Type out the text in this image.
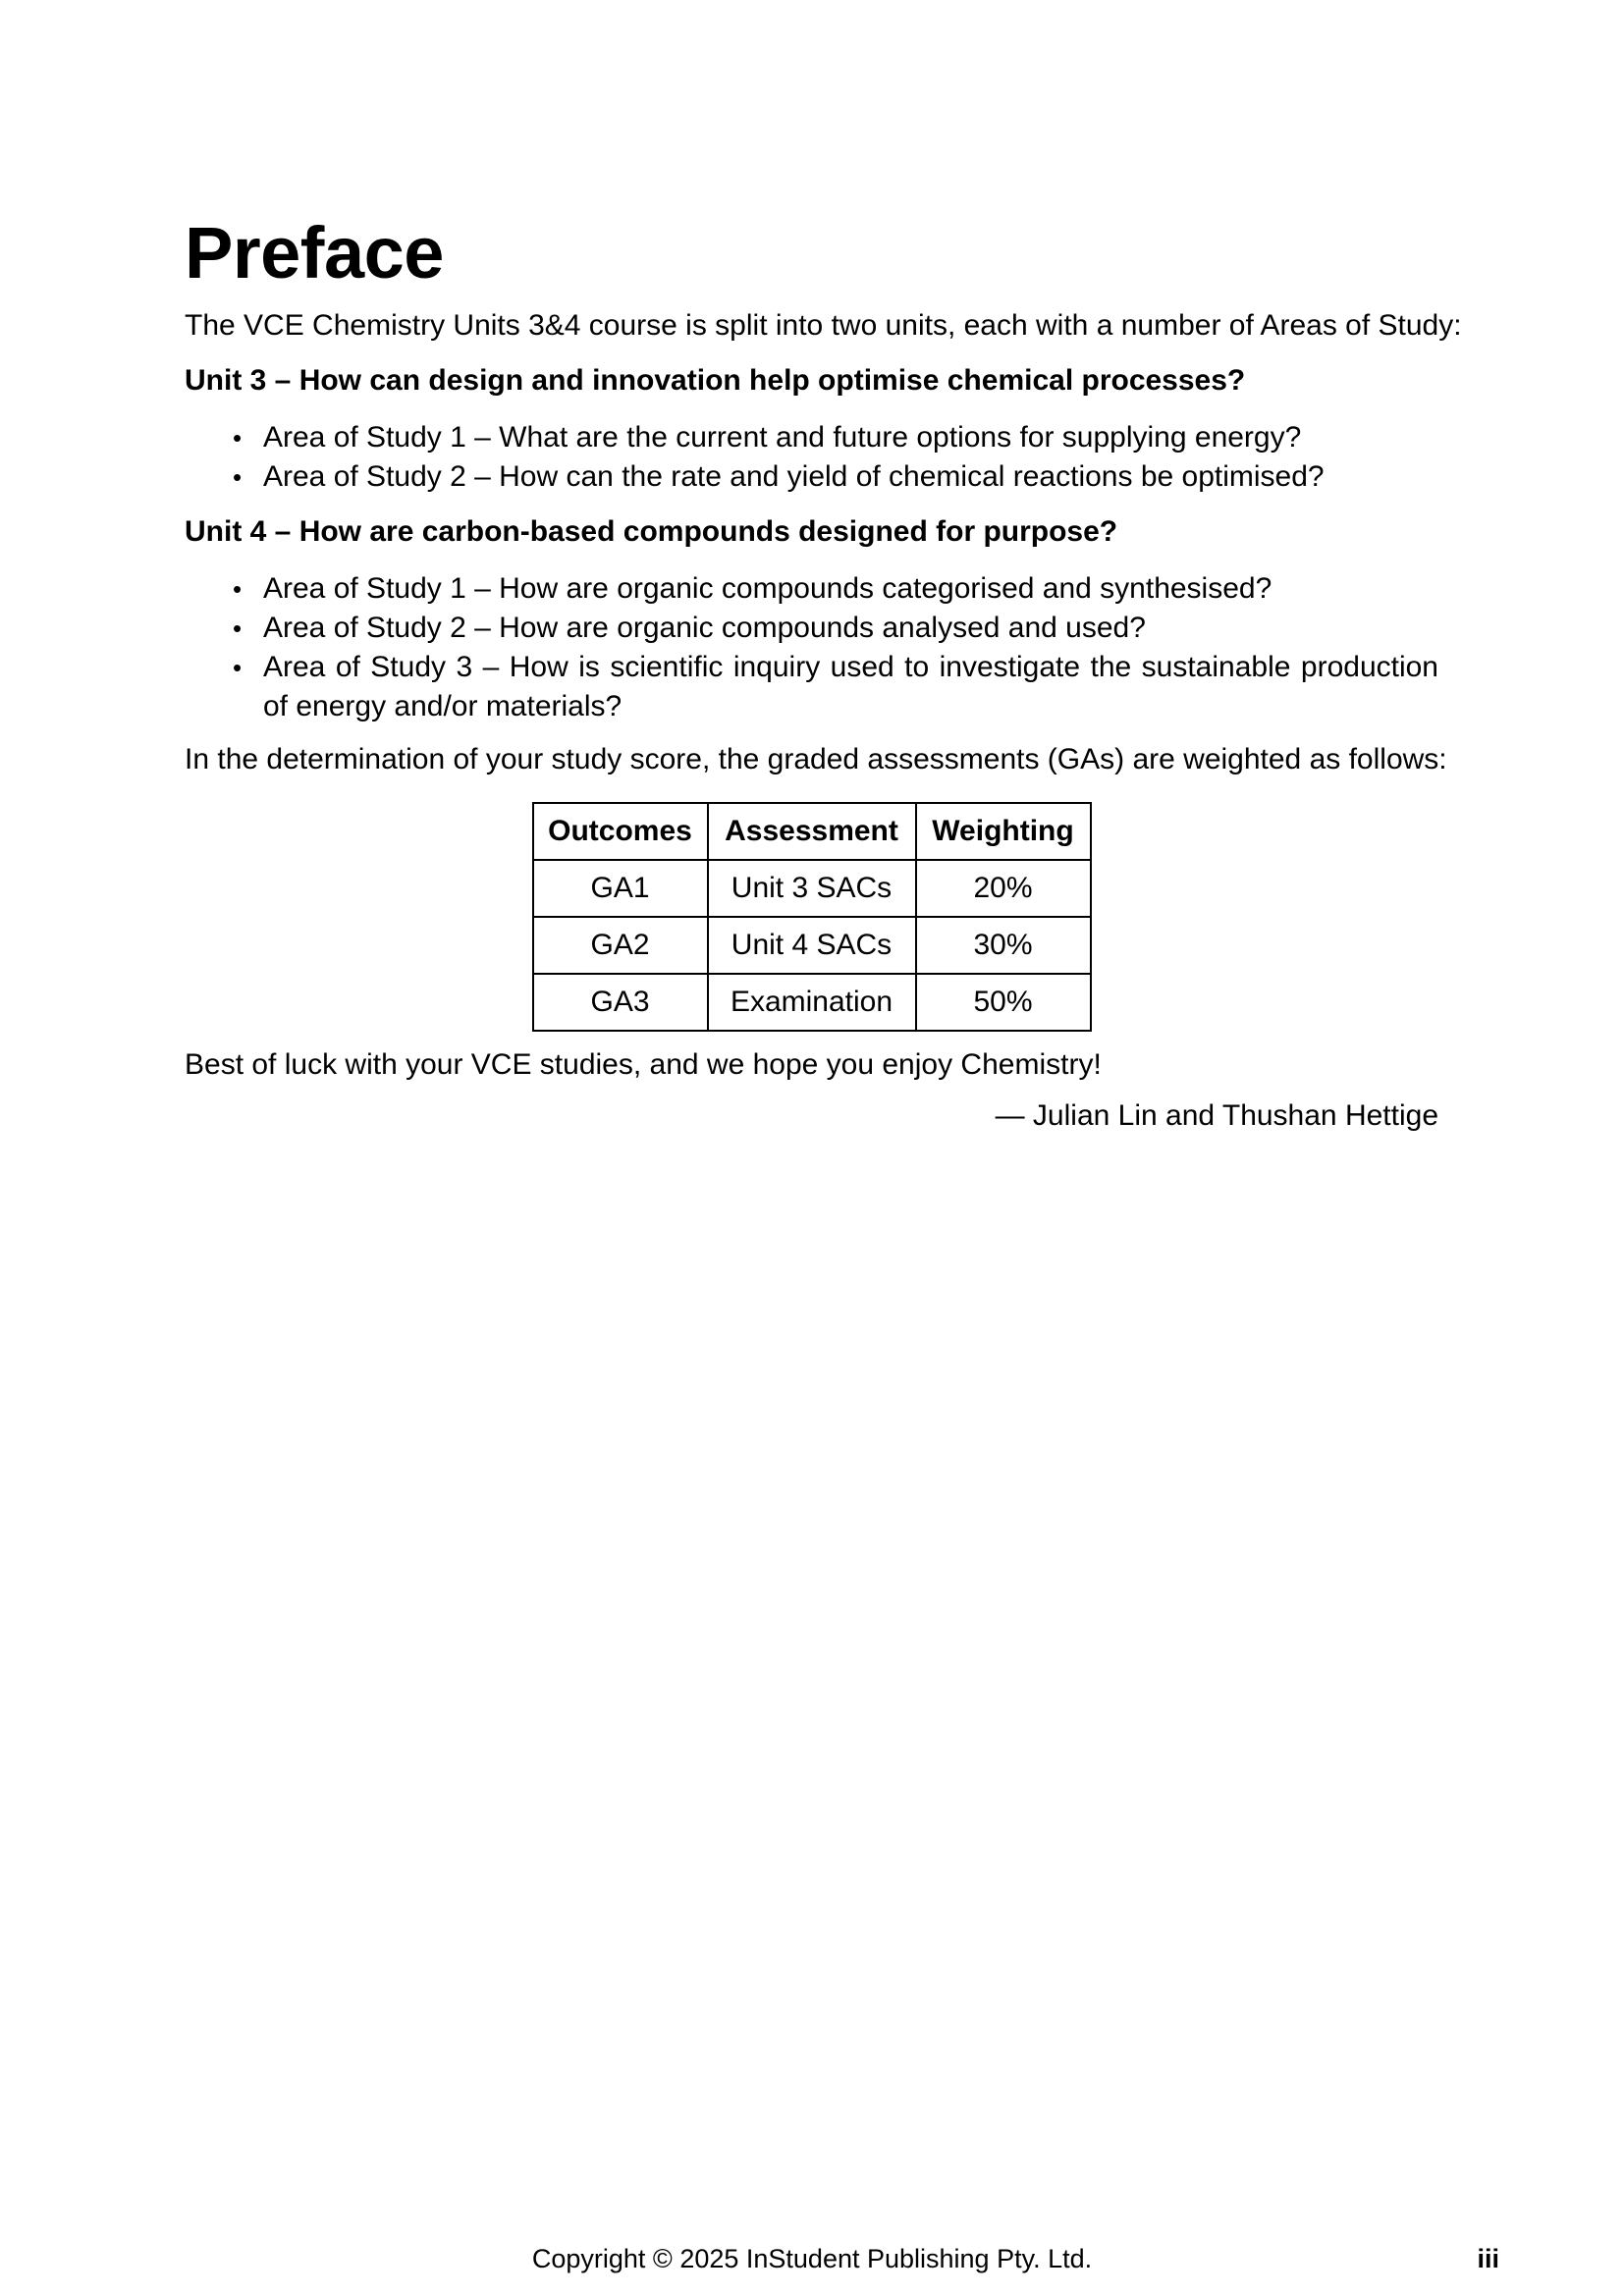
Preface

The VCE Chemistry Units 3&4 course is split into two units, each with a number of Areas of Study:

Unit 3 – How can design and innovation help optimise chemical processes?
• Area of Study 1 – What are the current and future options for supplying energy?
• Area of Study 2 – How can the rate and yield of chemical reactions be optimised?
Unit 4 – How are carbon-based compounds designed for purpose?
• Area of Study 1 – How are organic compounds categorised and synthesised?
• Area of Study 2 – How are organic compounds analysed and used?
• Area of Study 3 – How is scientific inquiry used to investigate the sustainable production of energy and/or materials?

In the determination of your study score, the graded assessments (GAs) are weighted as follows:

Outcomes	Assessment	Weighting
GA1	Unit 3 SACs	20%
GA2	Unit 4 SACs	30%
GA3	Examination	50%

Best of luck with your VCE studies, and we hope you enjoy Chemistry!

— Julian Lin and Thushan Hettige

Copyright © 2025 InStudent Publishing Pty. Ltd.	iii
